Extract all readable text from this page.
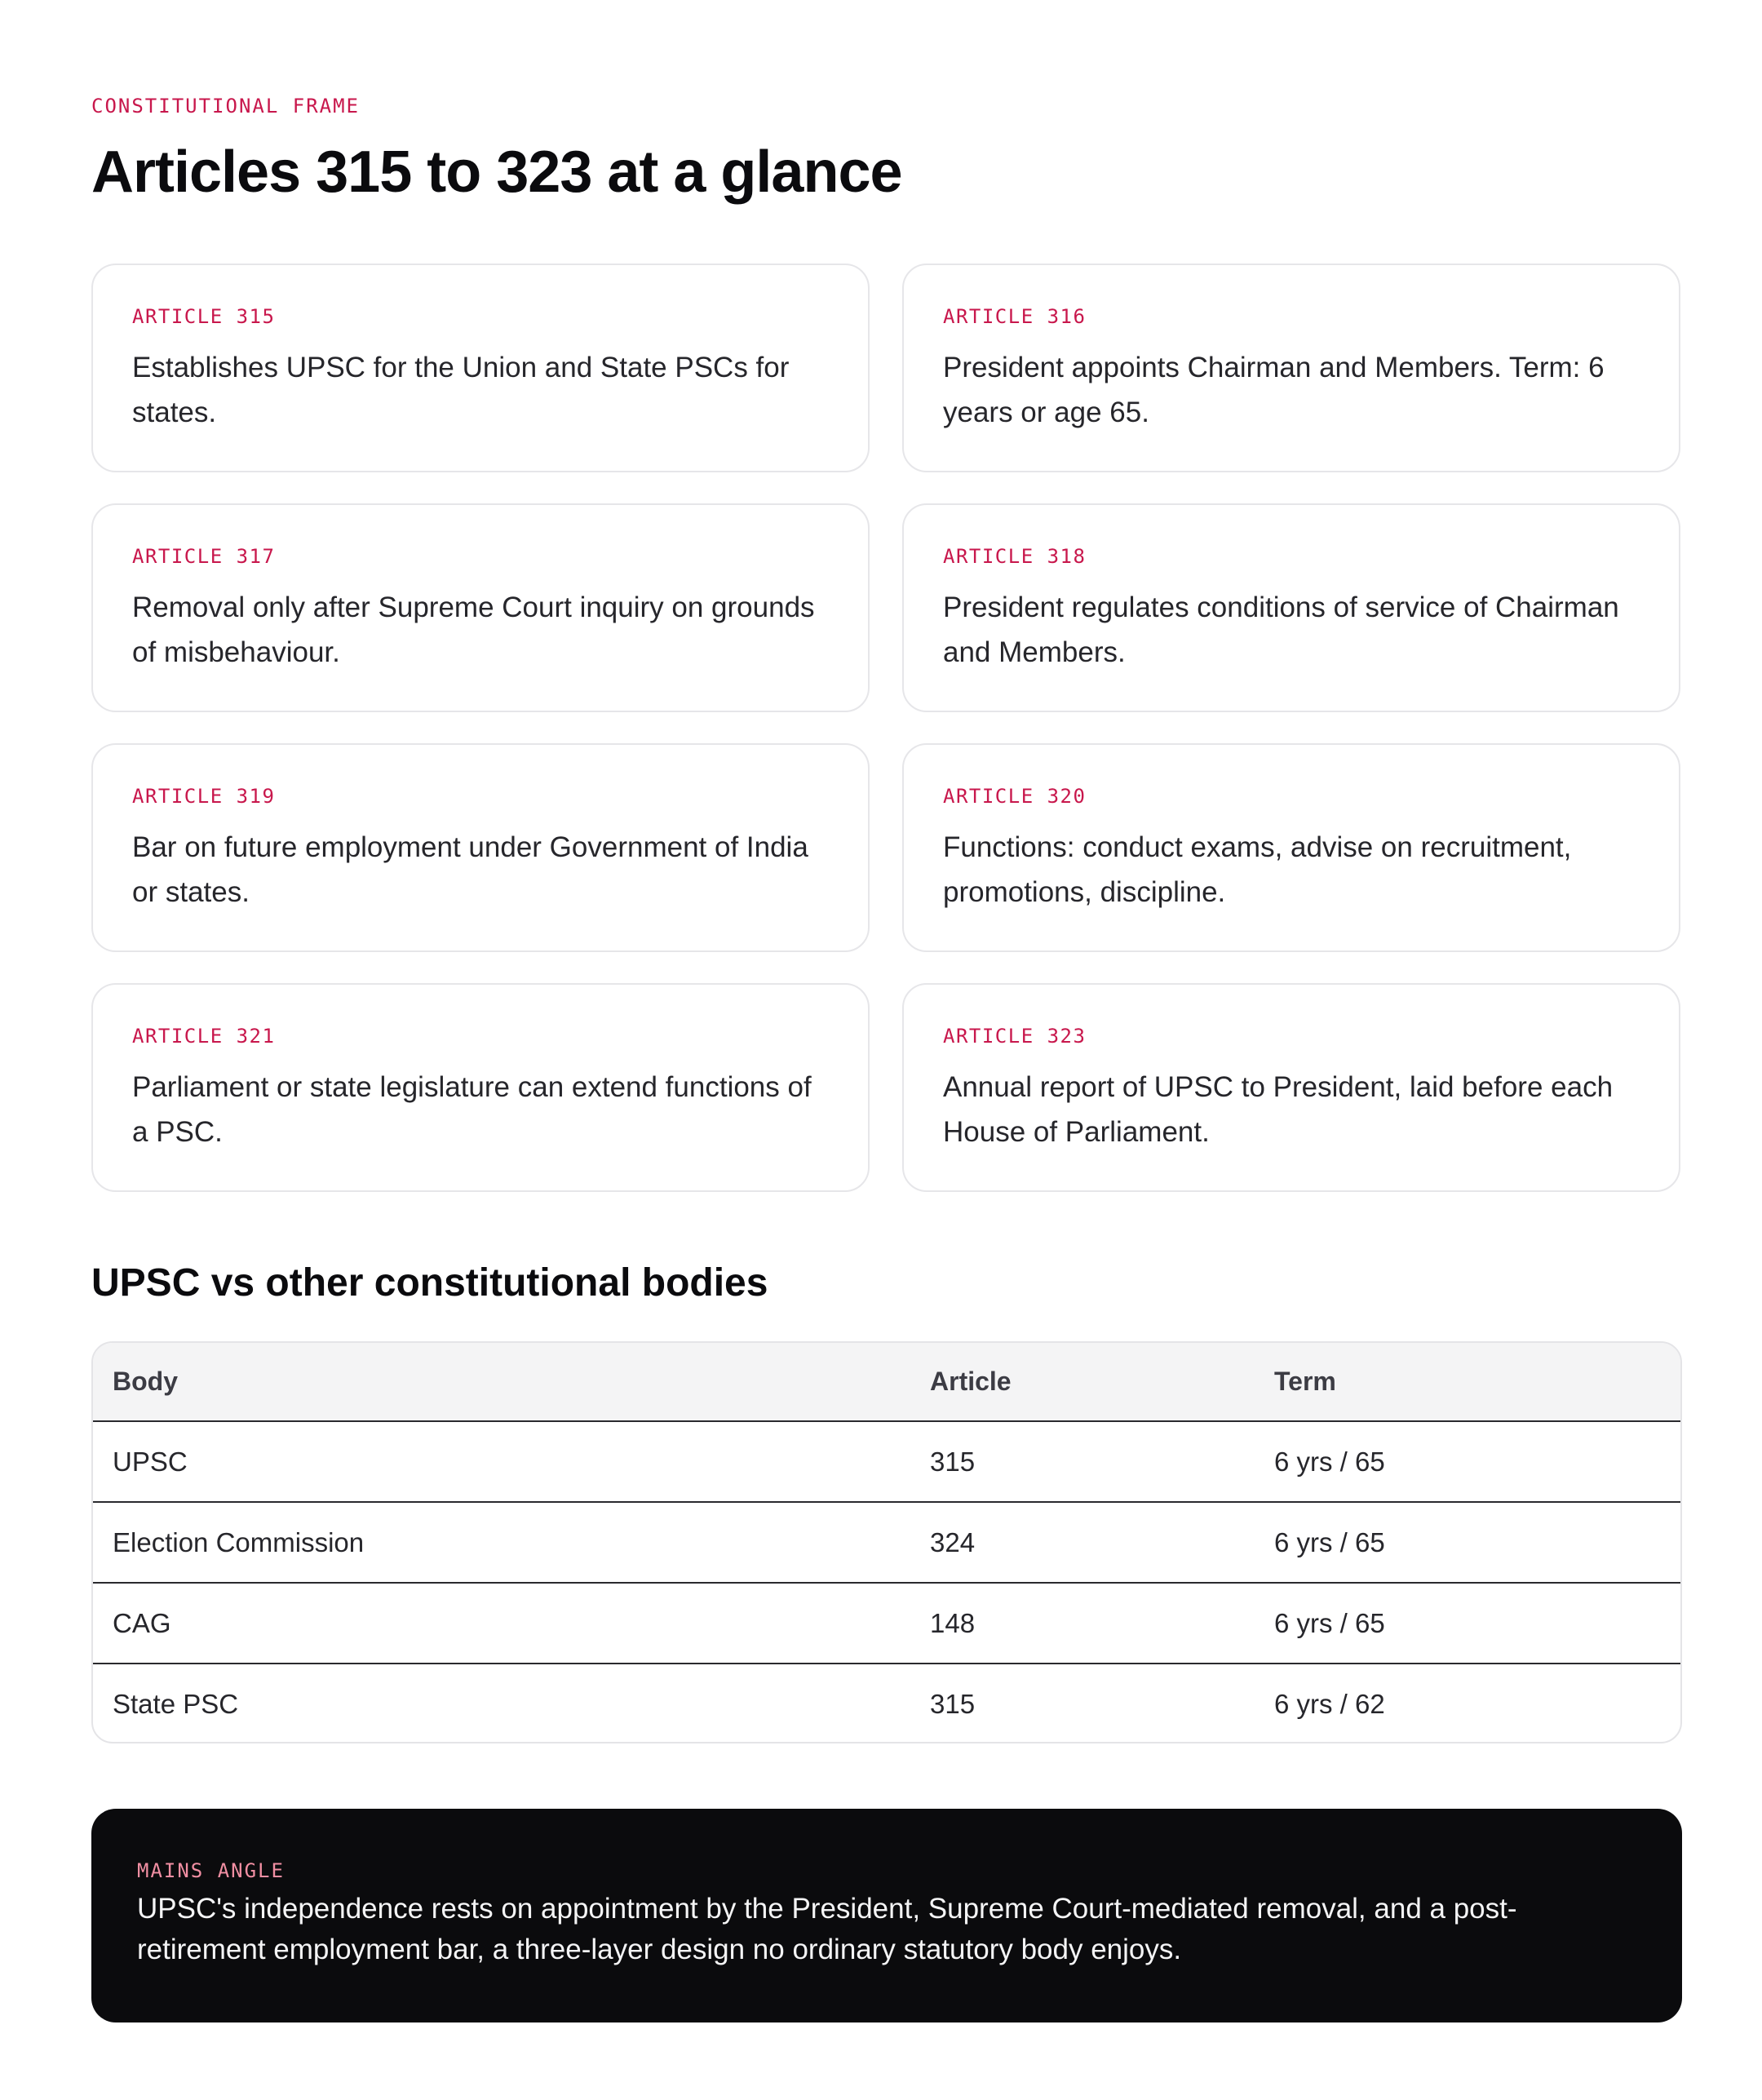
CONSTITUTIONAL FRAME
Articles 315 to 323 at a glance
ARTICLE 315
Establishes UPSC for the Union and State PSCs for states.
ARTICLE 316
President appoints Chairman and Members. Term: 6 years or age 65.
ARTICLE 317
Removal only after Supreme Court inquiry on grounds of misbehaviour.
ARTICLE 318
President regulates conditions of service of Chairman and Members.
ARTICLE 319
Bar on future employment under Government of India or states.
ARTICLE 320
Functions: conduct exams, advise on recruitment, promotions, discipline.
ARTICLE 321
Parliament or state legislature can extend functions of a PSC.
ARTICLE 323
Annual report of UPSC to President, laid before each House of Parliament.
UPSC vs other constitutional bodies
Body	Article	Term
UPSC	315	6 yrs / 65
Election Commission	324	6 yrs / 65
CAG	148	6 yrs / 65
State PSC	315	6 yrs / 62
MAINS ANGLE
UPSC's independence rests on appointment by the President, Supreme Court-mediated removal, and a post-retirement employment bar, a three-layer design no ordinary statutory body enjoys.
